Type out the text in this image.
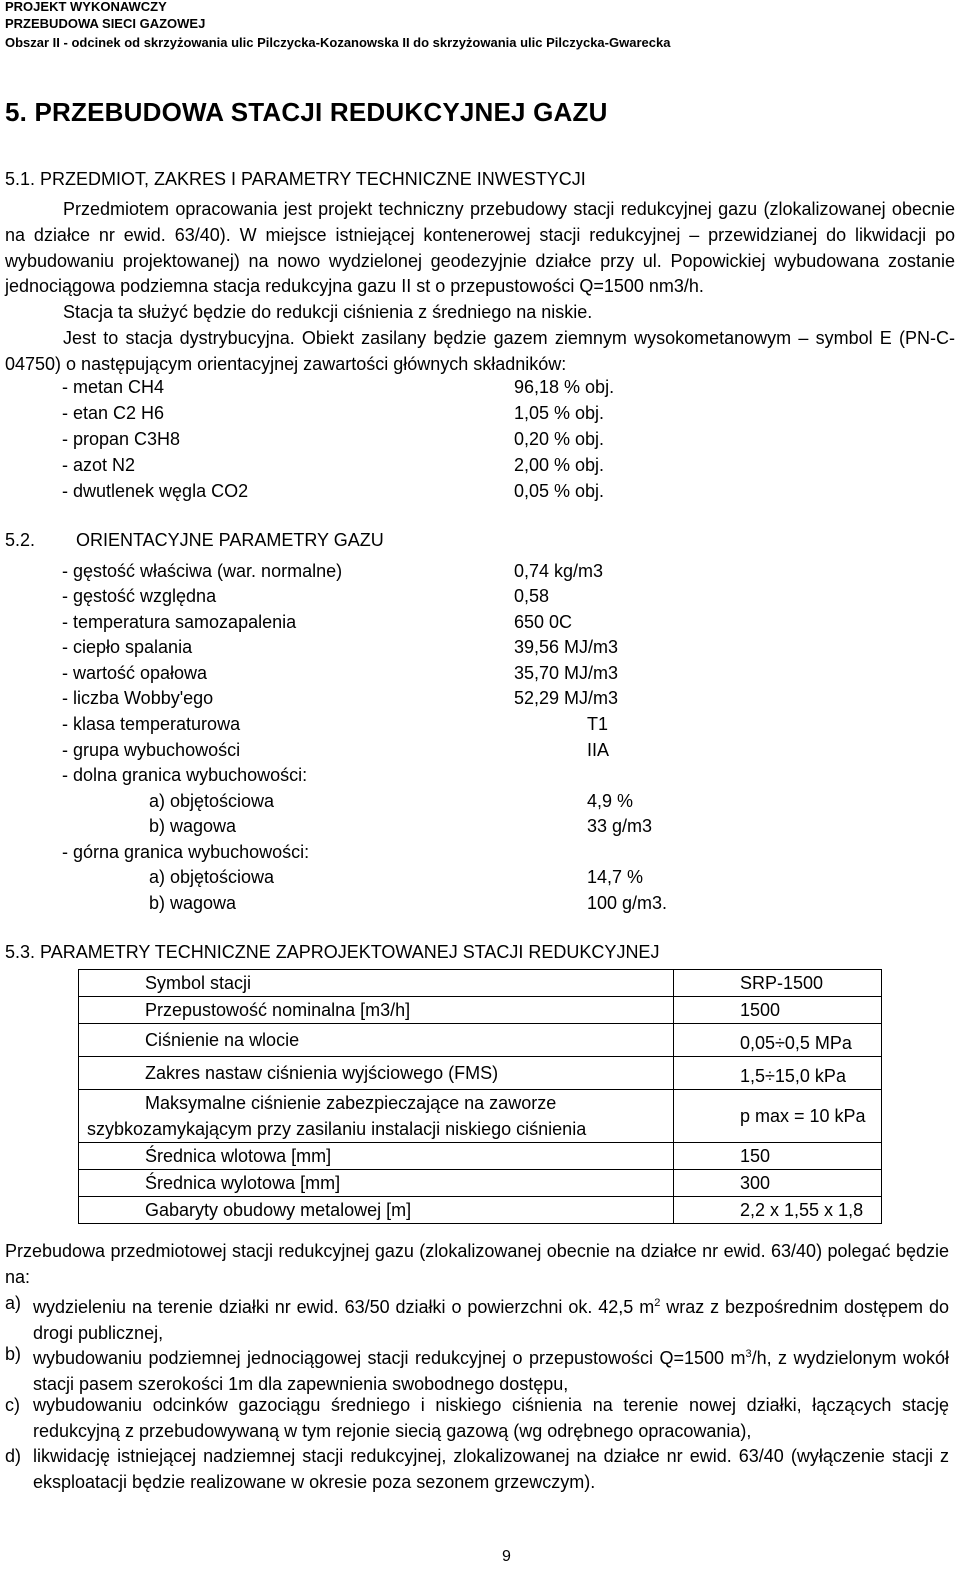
PROJEKT WYKONAWCZY
PRZEBUDOWA SIECI GAZOWEJ
Obszar II - odcinek od skrzyżowania ulic Pilczycka-Kozanowska II do skrzyżowania ulic Pilczycka-Gwarecka
5. PRZEBUDOWA STACJI REDUKCYJNEJ GAZU
5.1. PRZEDMIOT, ZAKRES I PARAMETRY TECHNICZNE INWESTYCJI
Przedmiotem opracowania jest projekt techniczny przebudowy stacji redukcyjnej gazu (zlokalizowanej obecnie
na działce nr ewid. 63/40). W miejsce istniejącej kontenerowej stacji redukcyjnej – przewidzianej do likwidacji po
wybudowaniu projektowanej) na nowo wydzielonej geodezyjnie działce przy ul. Popowickiej wybudowana zostanie
jednociągowa podziemna stacja redukcyjna gazu II st o przepustowości Q=1500 nm3/h.
Stacja ta służyć będzie do redukcji ciśnienia z średniego na niskie.
Jest to stacja dystrybucyjna. Obiekt zasilany będzie gazem ziemnym wysokometanowym – symbol E (PN-C-
04750) o następującym orientacyjnej zawartości głównych składników:
- metan CH4	96,18 % obj.
- etan C2 H6	1,05 % obj.
- propan C3H8	0,20 % obj.
- azot N2	2,00 % obj.
- dwutlenek węgla CO2	0,05 % obj.
5.2. ORIENTACYJNE PARAMETRY GAZU
- gęstość właściwa (war. normalne)	0,74 kg/m3
- gęstość względna	0,58
- temperatura samozapalenia	650 0C
- ciepło spalania	39,56 MJ/m3
- wartość opałowa	35,70 MJ/m3
- liczba Wobby'ego	52,29 MJ/m3
- klasa temperaturowa	T1
- grupa wybuchowości	IIA
- dolna granica wybuchowości:
a) objętościowa	4,9 %
b) wagowa	33 g/m3
- górna granica wybuchowości:
a) objętościowa	14,7 %
b) wagowa	100 g/m3.
5.3. PARAMETRY TECHNICZNE ZAPROJEKTOWANEJ STACJI REDUKCYJNEJ
Symbol stacji	SRP-1500
Przepustowość nominalna [m3/h]	1500
Ciśnienie na wlocie	0,05÷0,5 MPa
Zakres nastaw ciśnienia wyjściowego (FMS)	1,5÷15,0 kPa

Maksymalne ciśnienie zabezpieczające na zaworze
szybkozamykającym przy zasilaniu instalacji niskiego ciśnienia	p max = 10 kPa
Średnica wlotowa [mm]	150
Średnica wylotowa [mm]	300
Gabaryty obudowy metalowej [m]	2,2 x 1,55 x 1,8
Przebudowa przedmiotowej stacji redukcyjnej gazu (zlokalizowanej obecnie na działce nr ewid. 63/40) polegać będzie na:
a) wydzieleniu na terenie działki nr ewid. 63/50 działki o powierzchni ok. 42,5 $m^2$ wraz z bezpośrednim dostępem do drogi publicznej,
b) wybudowaniu podziemnej jednociągowej stacji redukcyjnej o przepustowości Q=1500 $m^3/h$, z wydzielonym wokół stacji pasem szerokości 1m dla zapewnienia swobodnego dostępu,
c) wybudowaniu odcinków gazociągu średniego i niskiego ciśnienia na terenie nowej działki, łączących stację redukcyjną z przebudowywaną w tym rejonie siecią gazową (wg odrębnego opracowania),
d) likwidację istniejącej nadziemnej stacji redukcyjnej, zlokalizowanej na działce nr ewid. 63/40 (wyłączenie stacji z eksploatacji będzie realizowane w okresie poza sezonem grzewczym).
9
